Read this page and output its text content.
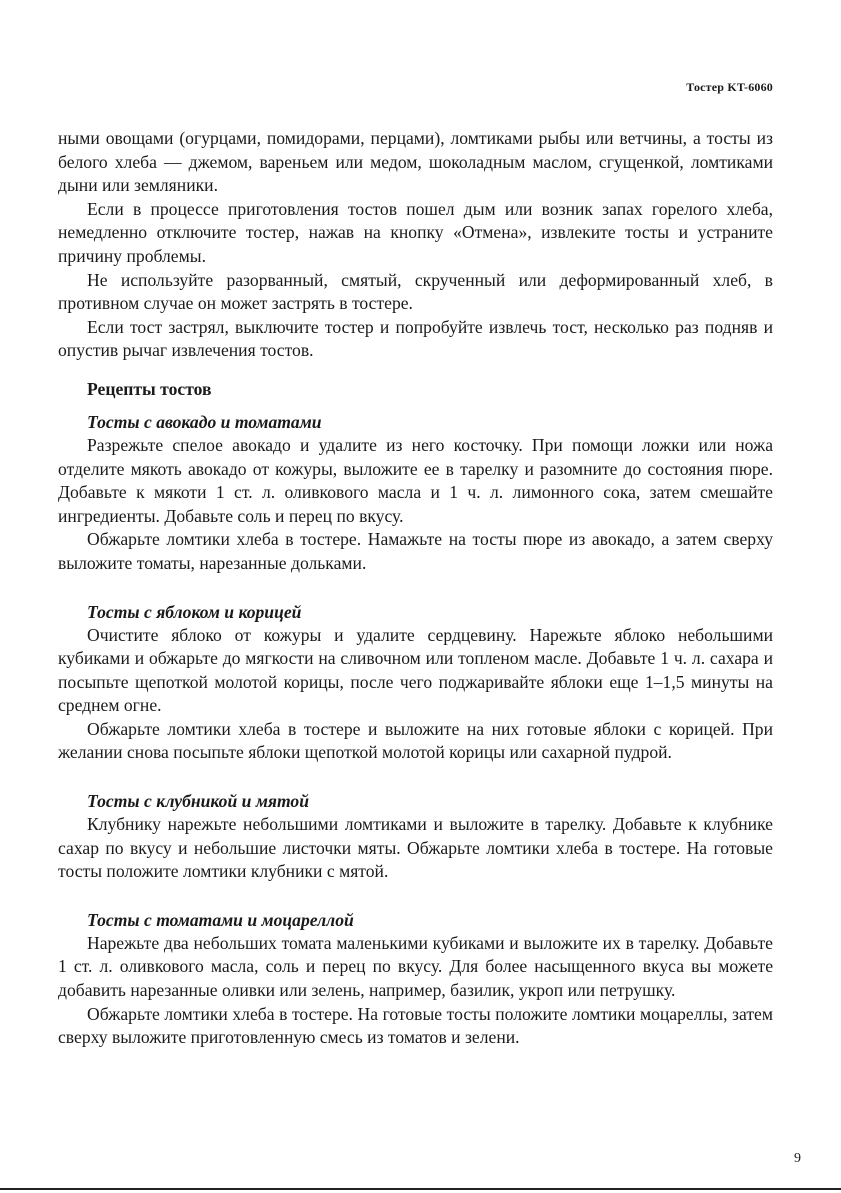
Тостер KT-6060

ными овощами (огурцами, помидорами, перцами), ломтиками рыбы или ветчины, а тосты из белого хлеба — джемом, вареньем или медом, шоколадным маслом, сгущенкой, ломтиками дыни или земляники.

Если в процессе приготовления тостов пошел дым или возник запах горелого хлеба, немедленно отключите тостер, нажав на кнопку «Отмена», извлеките тосты и устраните причину проблемы.

Не используйте разорванный, смятый, скрученный или деформированный хлеб, в противном случае он может застрять в тостере.

Если тост застрял, выключите тостер и попробуйте извлечь тост, несколько раз подняв и опустив рычаг извлечения тостов.

Рецепты тостов
Тосты с авокадо и томатами

Разрежьте спелое авокадо и удалите из него косточку. При помощи ложки или ножа отделите мякоть авокадо от кожуры, выложите ее в тарелку и разомните до состояния пюре. Добавьте к мякоти 1 ст. л. оливкового масла и 1 ч. л. лимонного сока, затем смешайте ингредиенты. Добавьте соль и перец по вкусу.

Обжарьте ломтики хлеба в тостере. Намажьте на тосты пюре из авокадо, а затем сверху выложите томаты, нарезанные дольками.

Тосты с яблоком и корицей

Очистите яблоко от кожуры и удалите сердцевину. Нарежьте яблоко небольшими кубиками и обжарьте до мягкости на сливочном или топленом масле. Добавьте 1 ч. л. сахара и посыпьте щепоткой молотой корицы, после чего поджаривайте яблоки еще 1–1,5 минуты на среднем огне.

Обжарьте ломтики хлеба в тостере и выложите на них готовые яблоки с корицей. При желании снова посыпьте яблоки щепоткой молотой корицы или сахарной пудрой.

Тосты с клубникой и мятой

Клубнику нарежьте небольшими ломтиками и выложите в тарелку. Добавьте к клубнике сахар по вкусу и небольшие листочки мяты. Обжарьте ломтики хлеба в тостере. На готовые тосты положите ломтики клубники с мятой.

Тосты с томатами и моцареллой

Нарежьте два небольших томата маленькими кубиками и выложите их в тарелку. Добавьте 1 ст. л. оливкового масла, соль и перец по вкусу. Для более насыщенного вкуса вы можете добавить нарезанные оливки или зелень, например, базилик, укроп или петрушку.

Обжарьте ломтики хлеба в тостере. На готовые тосты положите ломтики моцареллы, затем сверху выложите приготовленную смесь из томатов и зелени.

9
